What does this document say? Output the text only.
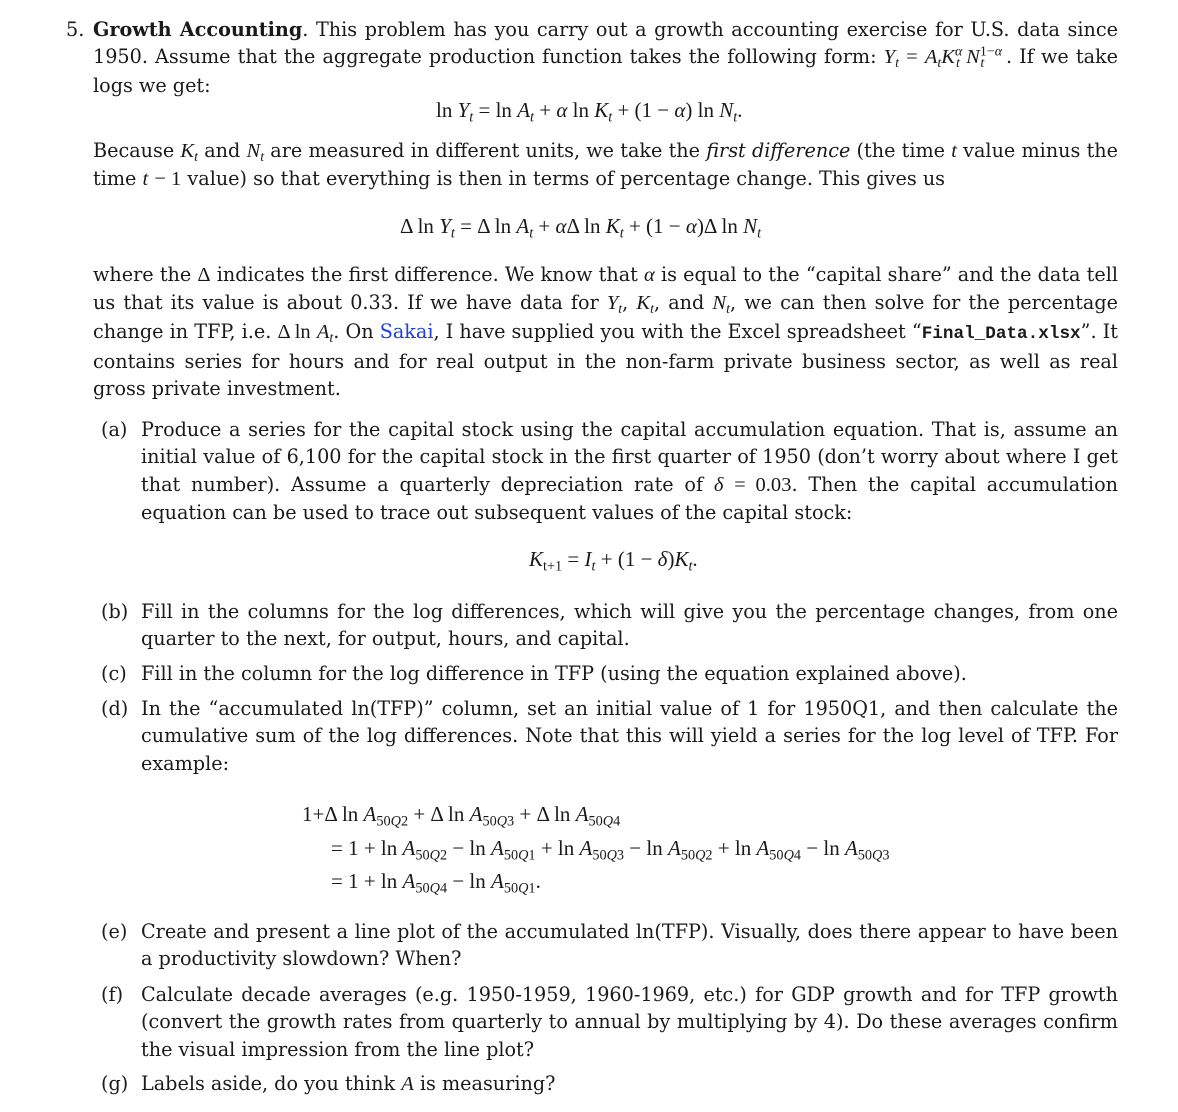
5. Growth Accounting. This problem has you carry out a growth accounting exercise for U.S. data since 1950. Assume that the aggregate production function takes the following form: $Y_t = A_tK^\alpha_t$ $N^{1-\alpha}_t$ . If we take logs we get:

$\ln Y_t = \ln A_t + \alpha$ $\ln K_t + (1 - \alpha)$ $\ln N_t$.

Because $K_t$ and $N_t$ are measured in different units, we take the first difference (the time t value minus the time t − 1 value) so that everything is then in terms of percentage change. This gives us

Δ $\ln Y_t = \Delta$ $\ln A_t + \alpha\Delta$ $\ln K_t + (1 - \alpha)\Delta$ $\ln N_t$

where the Δ indicates the first difference. We know that α is equal to the “capital share” and the data tell us that its value is about 0.33. If we have data for $Y_t$, $K_t$, and $N_t$, we can then solve for the percentage change in TFP, i.e. Δ $\ln A_t$. On Sakai, I have supplied you with the Excel spreadsheet “Final_Data.xlsx”. It contains series for hours and for real output in the non-farm private business sector, as well as real gross private investment.

(a) Produce a series for the capital stock using the capital accumulation equation. That is, assume an initial value of 6,100 for the capital stock in the first quarter of 1950 (don’t worry about where I get that number). Assume a quarterly depreciation rate of δ = 0.03. Then the capital accumulation equation can be used to trace out subsequent values of the capital stock:

$K_{t+1} = I_t + (1 - \delta)K_t$.
(b) Fill in the columns for the log differences, which will give you the percentage changes, from one quarter to the next, for output, hours, and capital.

(c) Fill in the column for the log difference in TFP (using the equation explained above).

(d) In the “accumulated ln(TFP)” column, set an initial value of 1 for 1950Q1, and then calculate the cumulative sum of the log differences. Note that this will yield a series for the log level of TFP. For example:

1+Δ $\ln A_{50Q2} + \Delta$ $\ln A_{50Q3} + \Delta$ $\ln A_{50Q4}$
= $1 + \ln A_{50Q2} - \ln A_{50Q1} + \ln A_{50Q3} - \ln A_{50Q2} + \ln A_{50Q4} - \ln A_{50Q3}$
= $1 + \ln A_{50Q4} - \ln A_{50Q1}$.
(e) Create and present a line plot of the accumulated ln(TFP). Visually, does there appear to have been a productivity slowdown? When?

(f) Calculate decade averages (e.g. 1950-1959, 1960-1969, etc.) for GDP growth and for TFP growth (convert the growth rates from quarterly to annual by multiplying by 4). Do these averages confirm the visual impression from the line plot?

(g) Labels aside, do you think A is measuring?
